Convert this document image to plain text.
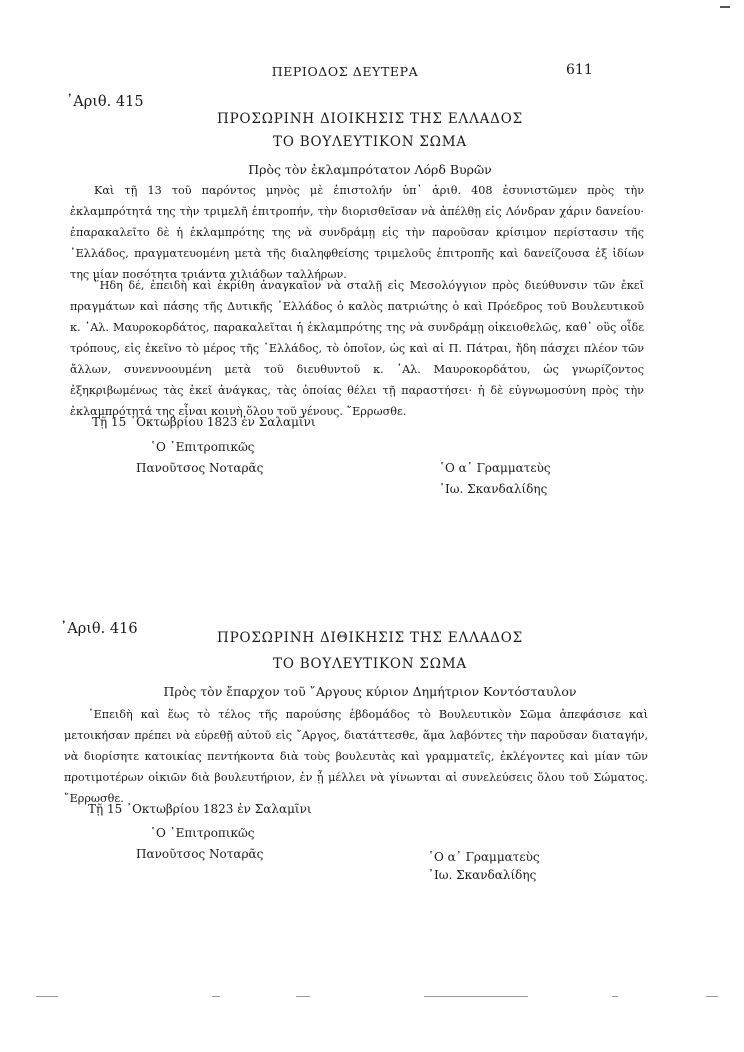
ΠΕΡΙΟΔΟΣ ΔΕΥΤΕΡΑ	611
᾽Αριθ. 415
ΠΡΟΣΩΡΙΝΗ ΔΙΟΙΚΗΣΙΣ ΤΗΣ ΕΛΛΑΔΟΣ
ΤΟ ΒΟΥΛΕΥΤΙΚΟΝ ΣΩΜΑ
Πρὸς τὸν ἐκλαμπρότατον Λόρδ Βυρῶν

Καὶ τῇ 13 τοῦ παρόντος μηνὸς μὲ ἐπιστολήν ὑπ᾽ ἀριθ. 408 ἐσυνιστῶμεν πρὸς τὴν ἐκλαμπρότητά της τὴν τριμελῆ ἐπιτροπήν, τὴν διορισθεῖσαν νὰ ἀπέλθῃ εἰς Λόνδραν χάριν δανείου· ἐπαρακαλεῖτο δὲ ἡ ἐκλαμπρότης της νὰ συνδράμῃ εἰς τὴν παροῦσαν κρίσιμον περίστασιν τῆς ῾Ελλάδος, πραγματευομένη μετὰ τῆς διαληφθείσης τριμελοῦς ἐπιτροπῆς καὶ δανείζουσα ἐξ ἰδίων της μίαν ποσότητα τριάντα χιλιάδων ταλλήρων.

῞Ηδη δέ, ἐπειδὴ καὶ ἐκρίθη ἀναγκαῖον νὰ σταλῇ εἰς Μεσολόγγιον πρὸς διεύθυνσιν τῶν ἐκεῖ πραγμάτων καὶ πάσης τῆς Δυτικῆς ῾Ελλάδος ὁ καλὸς πατριώτης ὁ καὶ Πρόεδρος τοῦ Βουλευτικοῦ κ. ᾽Αλ. Μαυροκορδάτος, παρακαλεῖται ἡ ἐκλαμπρότης της νὰ συνδράμῃ οἰκειοθελῶς, καθ᾽ οὓς οἶδε τρόπους, εἰς ἐκεῖνο τὸ μέρος τῆς ῾Ελλάδος, τὸ ὁποῖον, ὡς καὶ αἱ Π. Πάτραι, ἤδη πάσχει πλέον τῶν ἄλλων, συνεννοουμένη μετὰ τοῦ διευθυντοῦ κ. ᾽Αλ. Μαυροκορδάτου, ὡς γνωρίζοντος ἐξηκριβωμένως τὰς ἐκεῖ ἀνάγκας, τὰς ὁποίας θέλει τῇ παραστήσει· ἡ δὲ εὐγνωμοσύνη πρὸς τὴν ἐκλαμπρότητά της εἶναι κοινὴ ὅλου τοῦ γένους. ῎Ερρωσθε.

Τῇ 15 ᾽Οκτωβρίου 1823 ἐν Σαλαμῖνι
῾Ο ᾽Επιτροπικῶς
Πανοῦτσος Νοταρᾶς	῾Ο α᾽ Γραμματεὺς
᾽Ιω. Σκανδαλίδης
᾽Αριθ. 416
ΠΡΟΣΩΡΙΝΗ ΔΙΘΙΚΗΣΙΣ ΤΗΣ ΕΛΛΑΔΟΣ
ΤΟ ΒΟΥΛΕΥΤΙΚΟΝ ΣΩΜΑ
Πρὸς τὸν ἔπαρχον τοῦ ῎Αργους κύριον Δημήτριον Κοντόσταυλον

᾽Επειδὴ καὶ ἕως τὸ τέλος τῆς παρούσης ἑβδομάδος τὸ Βουλευτικὸν Σῶμα ἀπεφάσισε καὶ μετοικήσαν πρέπει νὰ εὑρεθῇ αὐτοῦ εἰς ῎Αργος, διατάττεσθε, ἅμα λαβόντες τὴν παροῦσαν διαταγήν, νὰ διορίσητε κατοικίας πεντήκοντα διὰ τοὺς βουλευτὰς καὶ γραμματεῖς, ἐκλέγοντες καὶ μίαν τῶν προτιμοτέρων οἰκιῶν διὰ βουλευτήριον, ἐν ᾗ μέλλει νὰ γίνωνται αἱ συνελεύσεις ὅλου τοῦ Σώματος. ῎Ερρωσθε.

Τῇ 15 ᾽Οκτωβρίου 1823 ἐν Σαλαμῖνι
῾Ο ᾽Επιτροπικῶς
Πανοῦτσος Νοταρᾶς	῾Ο α᾽ Γραμματεὺς
᾽Ιω. Σκανδαλίδης
